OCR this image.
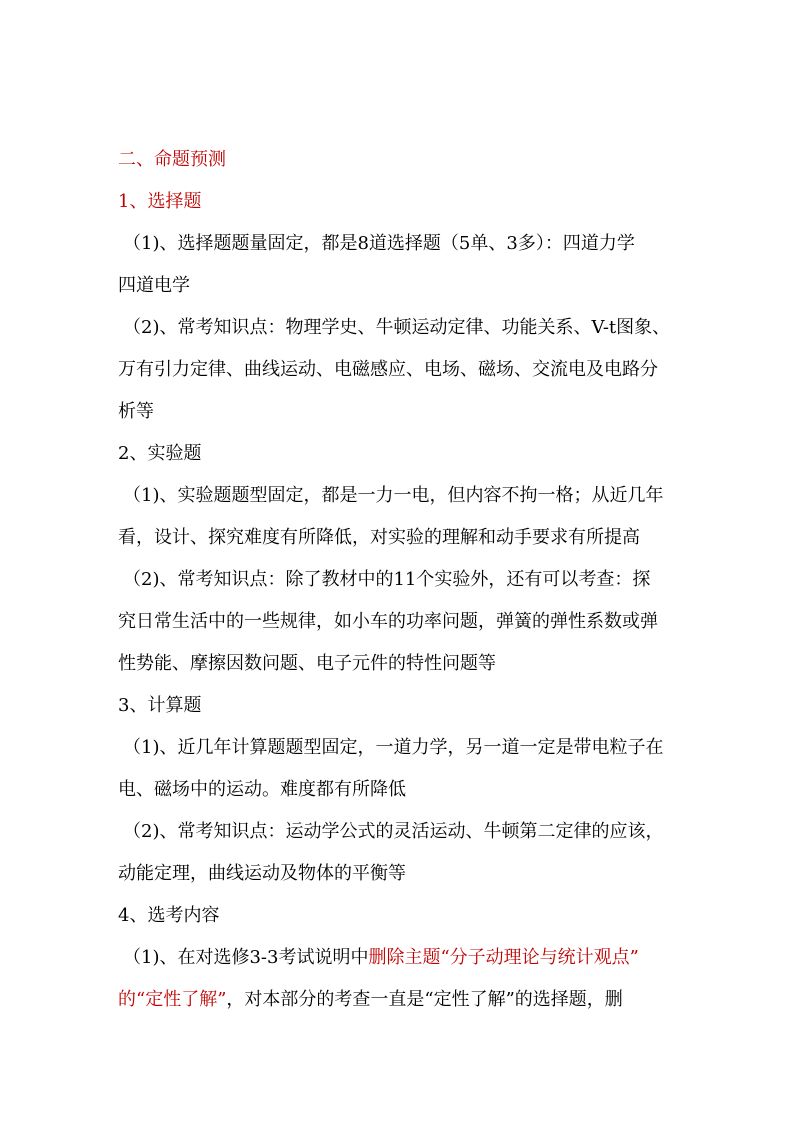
二、命题预测
1、选择题
（1)、选择题题量固定，都是8道选择题（5单、3多）：四道力学
四道电学
（2)、常考知识点：物理学史、牛顿运动定律、功能关系、V-t图象、
万有引力定律、曲线运动、电磁感应、电场、磁场、交流电及电路分
析等
2、实验题
（1)、实验题题型固定，都是一力一电，但内容不拘一格；从近几年
看，设计、探究难度有所降低，对实验的理解和动手要求有所提高
（2)、常考知识点：除了教材中的11个实验外，还有可以考查：探
究日常生活中的一些规律，如小车的功率问题，弹簧的弹性系数或弹
性势能、摩擦因数问题、电子元件的特性问题等
3、计算题
（1)、近几年计算题题型固定，一道力学，另一道一定是带电粒子在
电、磁场中的运动。难度都有所降低
（2)、常考知识点：运动学公式的灵活运动、牛顿第二定律的应该，
动能定理，曲线运动及物体的平衡等
4、选考内容
（1)、在对选修3-3考试说明中删除主题“分子动理论与统计观点”
的“定性了解”，对本部分的考查一直是“定性了解”的选择题，删
